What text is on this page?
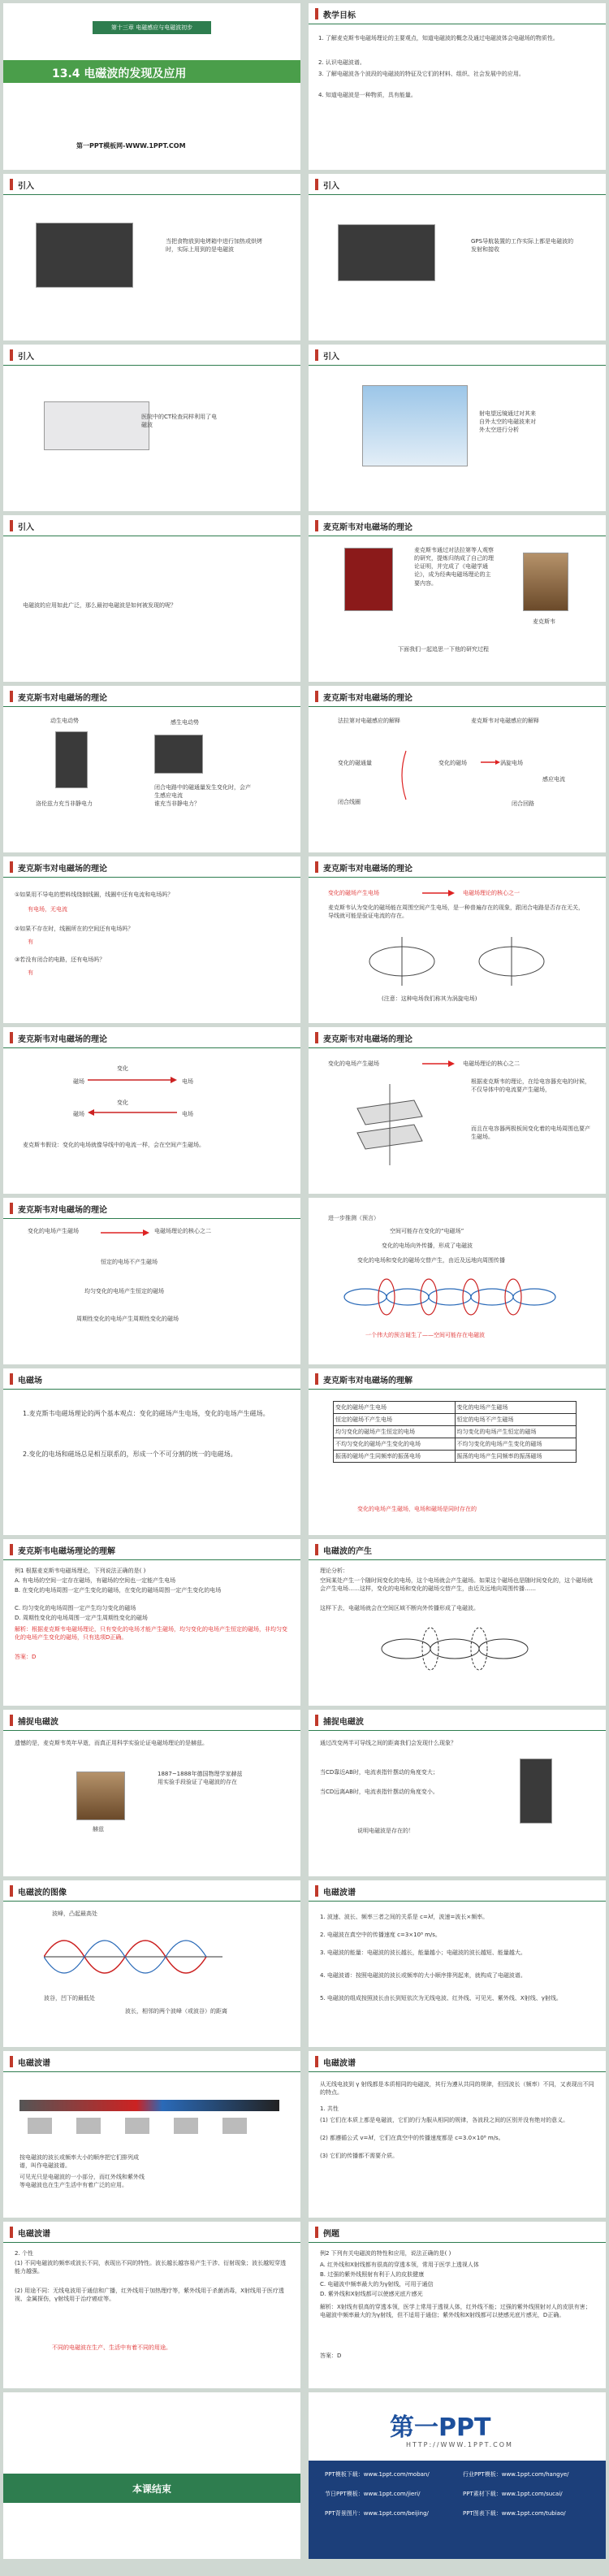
第十三章 电磁感应与电磁波初步
13.4 电磁波的发现及应用
第一PPT模板网-WWW.1PPT.COM
教学目标
1. 了解麦克斯韦电磁场理论的主要观点，知道电磁波的概念及通过电磁波体会电磁场的物质性。
2. 认识电磁波谱。
3. 了解电磁波各个波段的电磁波的特征及它们的材料、组织、社会发展中的应用。
4. 知道电磁波是一种物质，具有能量。
引入
当把食物放到电烤箱中进行加热或烘烤时，实际上用到的是电磁波
引入
GPS导航装置的工作实际上都是电磁波的发射和接收
引入
医院中的CT检查同样利用了电磁波
引入
射电望远镜通过对其来自外太空的电磁波来对外太空进行分析
引入
电磁波的应用如此广泛，那么最初电磁波是如何被发现的呢？
麦克斯韦对电磁场的理论
麦克斯韦通过对法拉第等人观察的研究，提炼归纳成了自己的理论证明，并完成了《电磁学通论》，成为经典电磁场理论的主要内容。
麦克斯韦
下面我们一起追思一下他的研究过程
麦克斯韦对电磁场的理论
动生电动势	感生电动势
洛伦兹力充当非静电力
闭合电路中的磁通量发生变化时，会产生感应电流
谁充当非静电力？
麦克斯韦对电磁场的理论
法拉第对电磁感应的解释	麦克斯韦对电磁感应的解释
变化的磁通量
闭合线圈
变化的磁场	涡旋电场
感应电流
闭合回路
麦克斯韦对电磁场的理论
①如果用不导电的塑料线绕制线圈，线圈中还有电流和电场吗？
有电场，无电流
②如果不存在时，线圈所在的空间还有电场吗？
有
③若没有闭合的电路，还有电场吗？
有
麦克斯韦对电磁场的理论
变化的磁场产生电场	电磁场理论的核心之一
麦克斯韦认为变化的磁场能在周围空间产生电场，是一种普遍存在的现象，跟闭合电路是否存在无关，导线就可能是验证电流的存在。
(注意：这种电场我们称其为涡旋电场)
麦克斯韦对电磁场的理论
变化
磁场	电场
磁场	电场
变化
麦克斯韦假设：变化的电场就像导线中的电流一样，会在空间产生磁场。
麦克斯韦对电磁场的理论
变化的电场产生磁场	电磁场理论的核心之二
根据麦克斯韦的理论，在给电容器充电的时候，不仅导体中的电流要产生磁场，
而且在电容器两极板间变化着的电场周围也要产生磁场。
麦克斯韦对电磁场的理论
变化的电场产生磁场	电磁场理论的核心之二
恒定的电场不产生磁场
均匀变化的电场产生恒定的磁场
周期性变化的电场产生周期性变化的磁场
进一步推测（预言）
空间可能存在变化的“电磁场”
变化的电场向外传播，形成了电磁波
变化的电场和变化的磁场交替产生，由近及远地向周围传播
一个伟大的预言诞生了——空间可能存在电磁波
电磁场
1.麦克斯韦电磁场理论的两个基本观点：变化的磁场产生电场，变化的电场产生磁场。
2.变化的电场和磁场总是相互联系的，形成一个不可分割的统一的电磁场。
麦克斯韦对电磁场的理解
变化的磁场产生电场	变化的电场产生磁场
恒定的磁场不产生电场	恒定的电场不产生磁场
均匀变化的磁场产生恒定的电场	均匀变化的电场产生恒定的磁场
不均匀变化的磁场产生变化的电场	不均匀变化的电场产生变化的磁场
振荡的磁场产生同频率的振荡电场	振荡的电场产生同频率的振荡磁场
变化的电场产生磁场，电场和磁场是同时存在的
麦克斯韦电磁场理论的理解
例1 根据麦克斯韦电磁场理论，下列说法正确的是( )
A. 有电场的空间一定存在磁场，有磁场的空间也一定能产生电场
B. 在变化的电场周围一定产生变化的磁场，在变化的磁场周围一定产生变化的电场
C. 均匀变化的电场周围一定产生均匀变化的磁场
D. 周期性变化的电场周围一定产生周期性变化的磁场
解析：根据麦克斯韦电磁场理论，只有变化的电场才能产生磁场，均匀变化的电场产生恒定的磁场，非均匀变化的电场产生变化的磁场，只有选项D正确。
答案：D
电磁波的产生
理论分析：
空间某处产生一个随时间变化的电场，这个电场就会产生磁场。如果这个磁场也是随时间变化的，这个磁场就会产生电场……这样，变化的电场和变化的磁场交替产生，由近及远地向周围传播……
这样下去，电磁场就会在空间区域不断向外传播形成了电磁波。
捕捉电磁波
遗憾的是，麦克斯韦英年早逝，而真正用科学实验论证电磁场理论的是赫兹。
赫兹
1887~1888年德国物理学家赫兹用实验手段验证了电磁波的存在
捕捉电磁波
通过改变两半可导线之间的距离我们会发现什么现象？
当CD靠近AB时，电流表指针摆动的角度变大；
当CD远离AB时，电流表指针摆动的角度变小。
说明电磁波是存在的！
电磁波的图像
波峰，凸起最高处
波谷，凹下的最低处
波长，相邻的两个波峰（或波谷）的距离
电磁波谱
1. 波速、波长、频率三者之间的关系是 c=λf，波速=波长×频率。
2. 电磁波在真空中的传播速度 c=3×10⁸ m/s。
3. 电磁波的能量：电磁波的波长越长，能量越小；电磁波的波长越短、能量越大。
4. 电磁波谱：按照电磁波的波长或频率的大小顺序排列起来，就构成了电磁波谱。
5. 电磁波的组成按照波长由长到短依次为无线电波、红外线、可见光、紫外线、X射线、γ射线。
电磁波谱
按电磁波的波长或频率大小的顺序把它们排列成谱，叫作电磁波谱。
可见光只是电磁波的一小部分，而红外线和紫外线等电磁波也在生产生活中有着广泛的应用。
电磁波谱
从无线电波到 γ 射线都是本质相同的电磁波，其行为遵从共同的规律，但因波长（频率）不同，又表现出不同的特点。
1. 共性
(1) 它们在本质上都是电磁波，它们的行为服从相同的规律，各波段之间的区别并没有绝对的意义。
(2) 都遵循公式 v=λf，它们在真空中的传播速度都是 c=3.0×10⁸ m/s。
(3) 它们的传播都不需要介质。
电磁波谱
2. 个性
(1) 不同电磁波的频率或波长不同，表现出不同的特性。波长越长越容易产生干涉、衍射现象；波长越短穿透能力越强。
(2) 用途不同：无线电波用于通信和广播，红外线用于加热理疗等，紫外线用于杀菌消毒，X射线用于医疗透视、金属探伤，γ射线用于治疗癌症等。
不同的电磁波在生产、生活中有着不同的用途。
例题
例2 下列有关电磁波的特性和应用，说法正确的是( )
A. 红外线和X射线都有很高的穿透本领，常用于医学上透视人体
B. 过强的紫外线照射有利于人的皮肤健康
C. 电磁波中频率最大的为γ射线，可用于通信
D. 紫外线和X射线都可以使感光底片感光
解析：X射线有很高的穿透本领，医学上常用于透视人体，红外线不能；过强的紫外线照射对人的皮肤有害；电磁波中频率最大的为γ射线，但不适用于通信；紫外线和X射线都可以使感光底片感光，D正确。
答案：D
本课结束
第一PPT
HTTP://WWW.1PPT.COM
PPT模板下载：www.1ppt.com/moban/	行业PPT模板：www.1ppt.com/hangye/
节日PPT模板：www.1ppt.com/jieri/	PPT素材下载：www.1ppt.com/sucai/
PPT背景图片：www.1ppt.com/beijing/	PPT图表下载：www.1ppt.com/tubiao/
